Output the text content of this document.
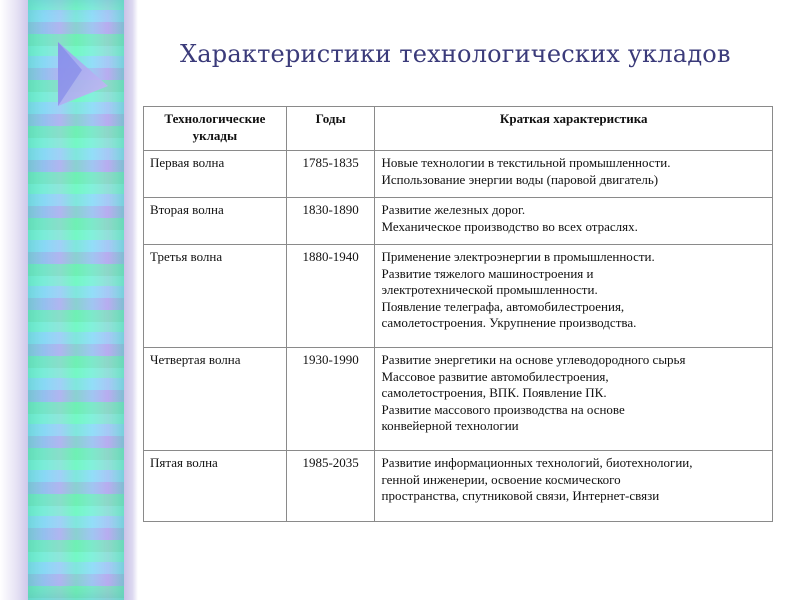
Характеристики технологических укладов
Технологические уклады	Годы	Краткая характеристика
Первая волна	1785-1835	Новые технологии в текстильной промышленности.
Использование энергии воды (паровой двигатель)

Вторая волна	1830-1890	Развитие железных дорог.
Механическое производство во всех отраслях.

Третья волна	1880-1940	Применение электроэнергии в промышленности.
Развитие тяжелого машиностроения и
электротехнической промышленности.
Появление телеграфа, автомобилестроения,
самолетостроения. Укрупнение производства.

Четвертая волна	1930-1990	Развитие энергетики на основе углеводородного сырья
Массовое развитие автомобилестроения,
самолетостроения, ВПК. Появление ПК.
Развитие массового производства на основе
конвейерной технологии

Пятая волна	1985-2035	Развитие информационных технологий, биотехнологии,
генной инженерии, освоение космического
пространства, спутниковой связи, Интернет-связи
